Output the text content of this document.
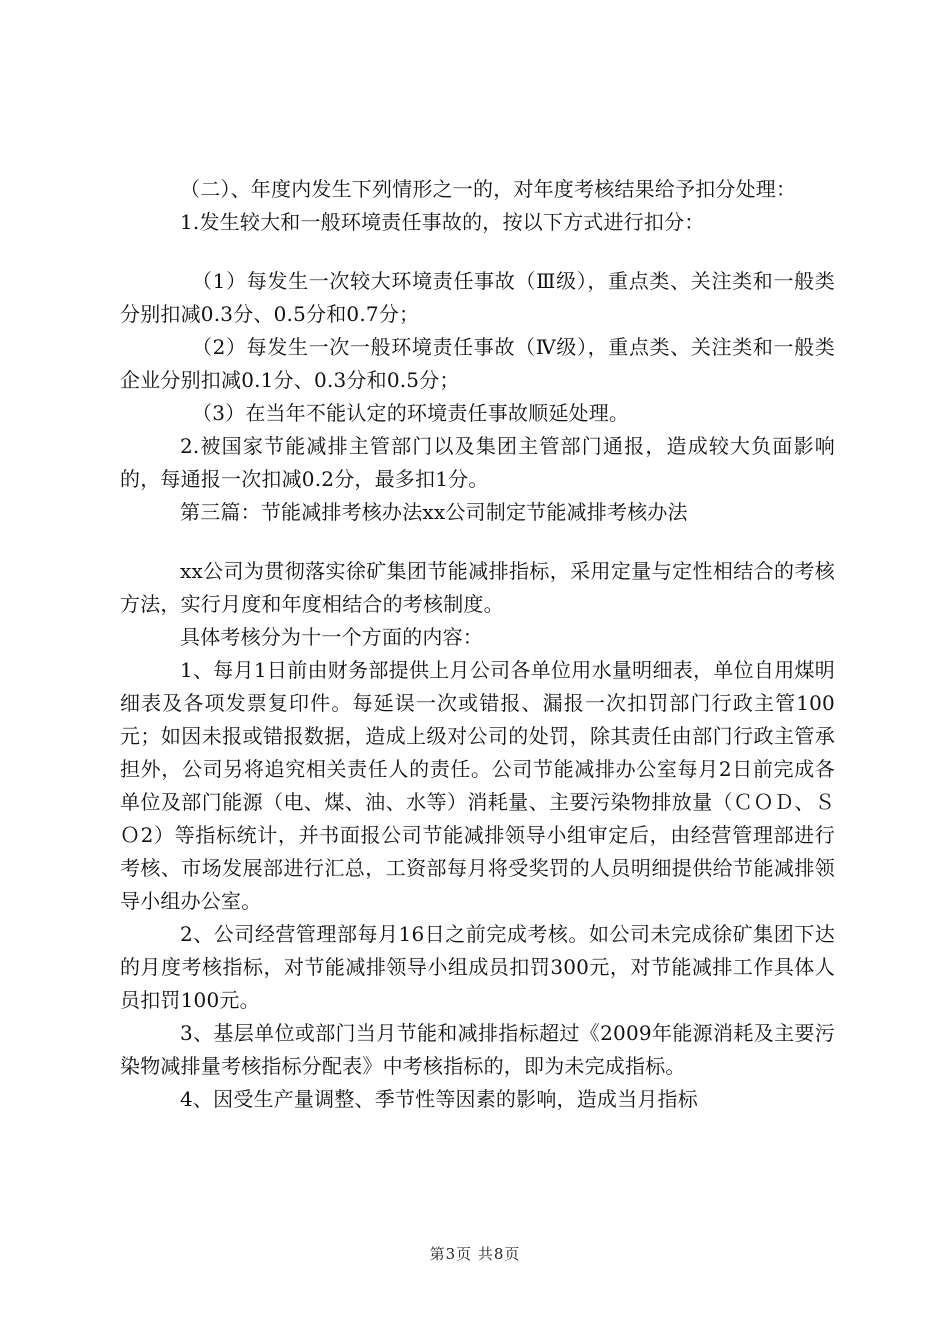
（二）、年度内发生下列情形之一的，对年度考核结果给予扣分处理：

1.发生较大和一般环境责任事故的，按以下方式进行扣分：

（1）每发生一次较大环境责任事故（Ⅲ级），重点类、关注类和一般类分别扣减0.3分、0.5分和0.7分；

（2）每发生一次一般环境责任事故（Ⅳ级），重点类、关注类和一般类企业分别扣减0.1分、0.3分和0.5分；

（3）在当年不能认定的环境责任事故顺延处理。

2.被国家节能减排主管部门以及集团主管部门通报，造成较大负面影响的，每通报一次扣减0.2分，最多扣1分。

第三篇：节能减排考核办法xx公司制定节能减排考核办法

xx公司为贯彻落实徐矿集团节能减排指标，采用定量与定性相结合的考核方法，实行月度和年度相结合的考核制度。

具体考核分为十一个方面的内容：

1、每月1日前由财务部提供上月公司各单位用水量明细表，单位自用煤明细表及各项发票复印件。每延误一次或错报、漏报一次扣罚部门行政主管100元；如因未报或错报数据，造成上级对公司的处罚，除其责任由部门行政主管承担外，公司另将追究相关责任人的责任。公司节能减排办公室每月2日前完成各单位及部门能源（电、煤、油、水等）消耗量、主要污染物排放量（ＣＯＤ、ＳＯ2）等指标统计，并书面报公司节能减排领导小组审定后，由经营管理部进行考核、市场发展部进行汇总，工资部每月将受奖罚的人员明细提供给节能减排领导小组办公室。

2、公司经营管理部每月16日之前完成考核。如公司未完成徐矿集团下达的月度考核指标，对节能减排领导小组成员扣罚300元，对节能减排工作具体人员扣罚100元。

3、基层单位或部门当月节能和减排指标超过《2009年能源消耗及主要污染物减排量考核指标分配表》中考核指标的，即为未完成指标。

4、因受生产量调整、季节性等因素的影响，造成当月指标

第3页 共8页
